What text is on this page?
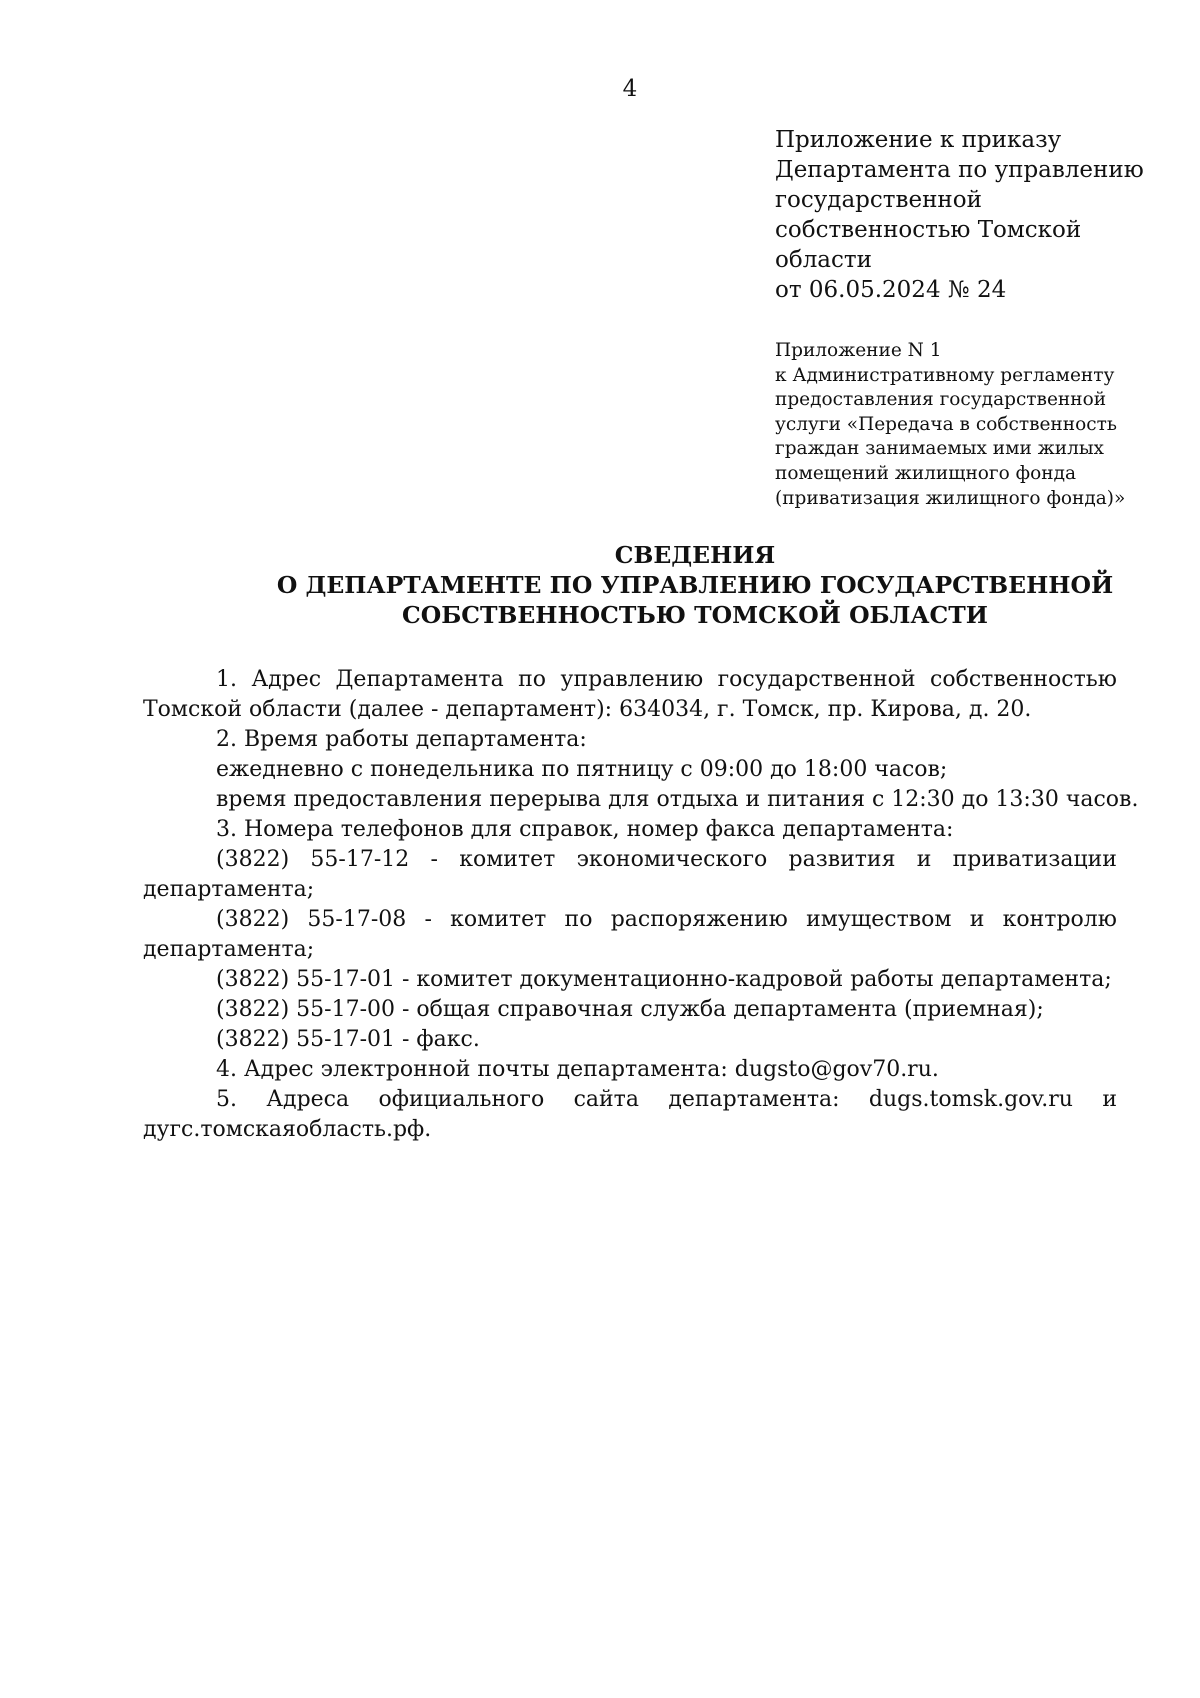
4
Приложение к приказу
Департамента по управлению
государственной
собственностью Томской
области
от 06.05.2024 № 24
Приложение N 1
к Административному регламенту
предоставления государственной
услуги «Передача в собственность
граждан занимаемых ими жилых
помещений жилищного фонда
(приватизация жилищного фонда)»
СВЕДЕНИЯ
О ДЕПАРТАМЕНТЕ ПО УПРАВЛЕНИЮ ГОСУДАРСТВЕННОЙ
СОБСТВЕННОСТЬЮ ТОМСКОЙ ОБЛАСТИ
1. Адрес Департамента по управлению государственной собственностью
Томской области (далее - департамент): 634034, г. Томск, пр. Кирова, д. 20.
2. Время работы департамента:
ежедневно с понедельника по пятницу с 09:00 до 18:00 часов;
время предоставления перерыва для отдыха и питания с 12:30 до 13:30 часов.
3. Номера телефонов для справок, номер факса департамента:
(3822) 55-17-12 - комитет экономического развития и приватизации
департамента;
(3822) 55-17-08 - комитет по распоряжению имуществом и контролю
департамента;
(3822) 55-17-01 - комитет документационно-кадровой работы департамента;
(3822) 55-17-00 - общая справочная служба департамента (приемная);
(3822) 55-17-01 - факс.
4. Адрес электронной почты департамента: dugsto@gov70.ru.
5. Адреса официального сайта департамента: dugs.tomsk.gov.ru и
дугс.томскаяобласть.рф.
